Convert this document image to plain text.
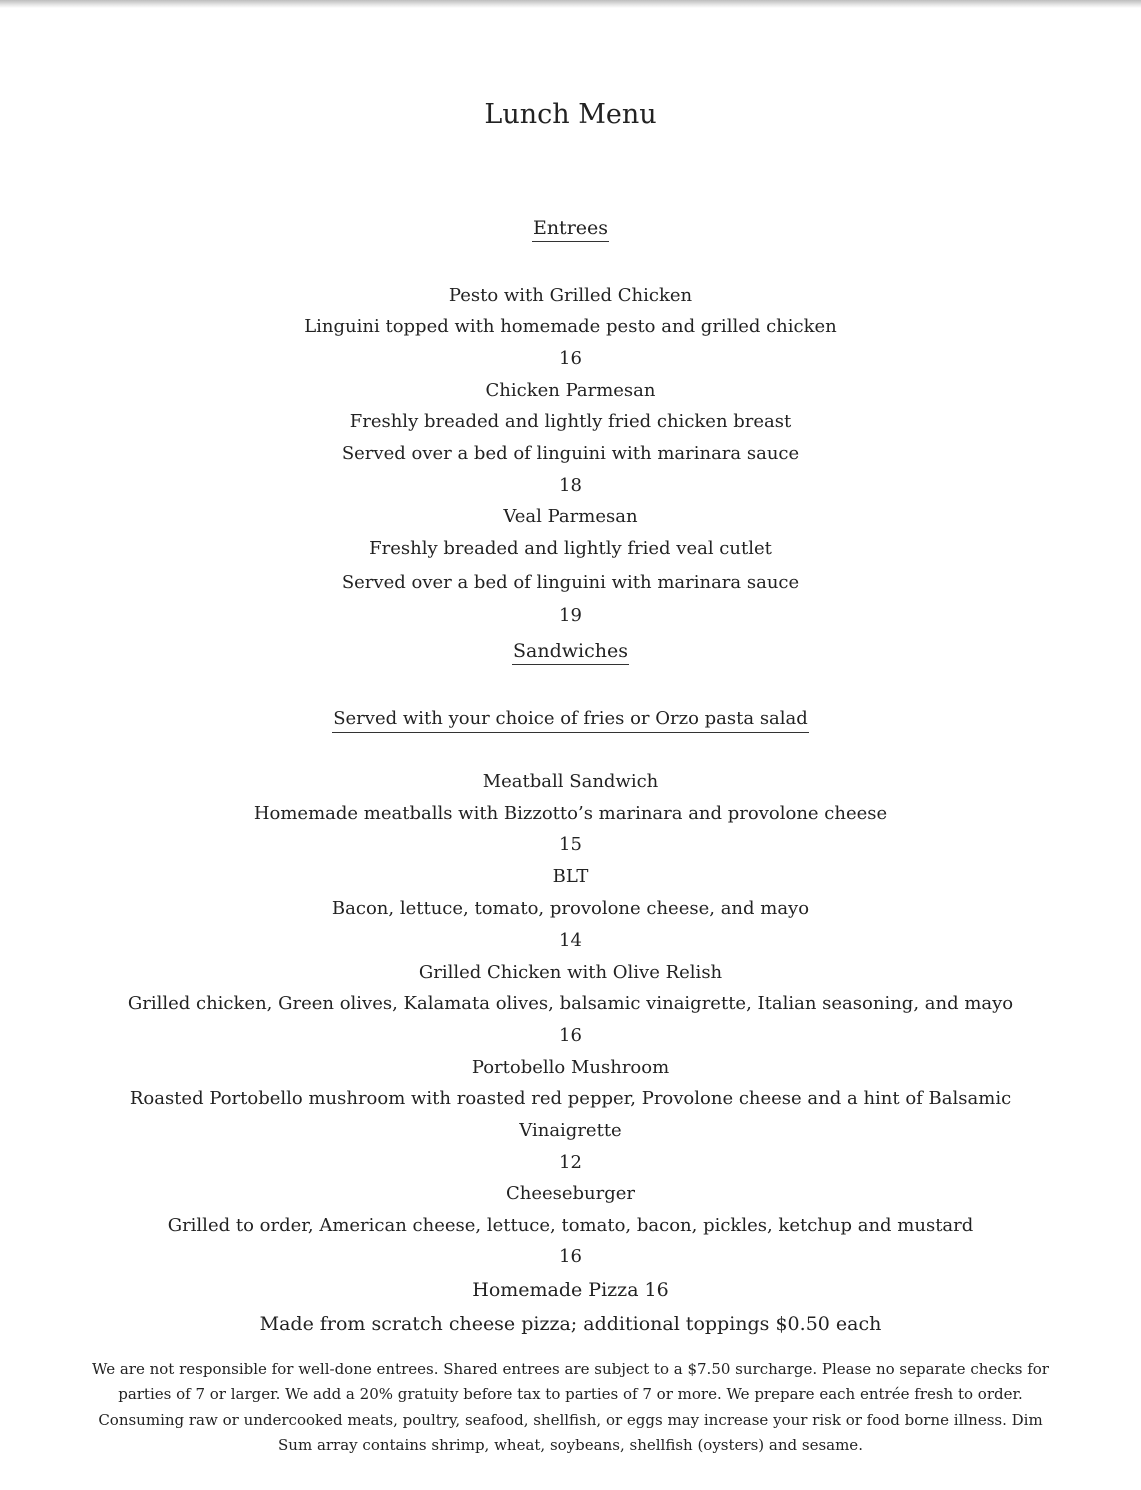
Lunch Menu
Entrees
Pesto with Grilled Chicken
Linguini topped with homemade pesto and grilled chicken
16
Chicken Parmesan
Freshly breaded and lightly fried chicken breast
Served over a bed of linguini with marinara sauce
18
Veal Parmesan
Freshly breaded and lightly fried veal cutlet
Served over a bed of linguini with marinara sauce
19
Sandwiches
Served with your choice of fries or Orzo pasta salad
Meatball Sandwich
Homemade meatballs with Bizzotto’s marinara and provolone cheese
15
BLT
Bacon, lettuce, tomato, provolone cheese, and mayo
14
Grilled Chicken with Olive Relish
Grilled chicken, Green olives, Kalamata olives, balsamic vinaigrette, Italian seasoning, and mayo
16
Portobello Mushroom
Roasted Portobello mushroom with roasted red pepper, Provolone cheese and a hint of Balsamic
Vinaigrette
12
Cheeseburger
Grilled to order, American cheese, lettuce, tomato, bacon, pickles, ketchup and mustard
16
Homemade Pizza 16
Made from scratch cheese pizza; additional toppings $0.50 each
We are not responsible for well-done entrees. Shared entrees are subject to a $7.50 surcharge. Please no separate checks for
parties of 7 or larger. We add a 20% gratuity before tax to parties of 7 or more. We prepare each entrée fresh to order.
Consuming raw or undercooked meats, poultry, seafood, shellfish, or eggs may increase your risk or food borne illness. Dim
Sum array contains shrimp, wheat, soybeans, shellfish (oysters) and sesame.
